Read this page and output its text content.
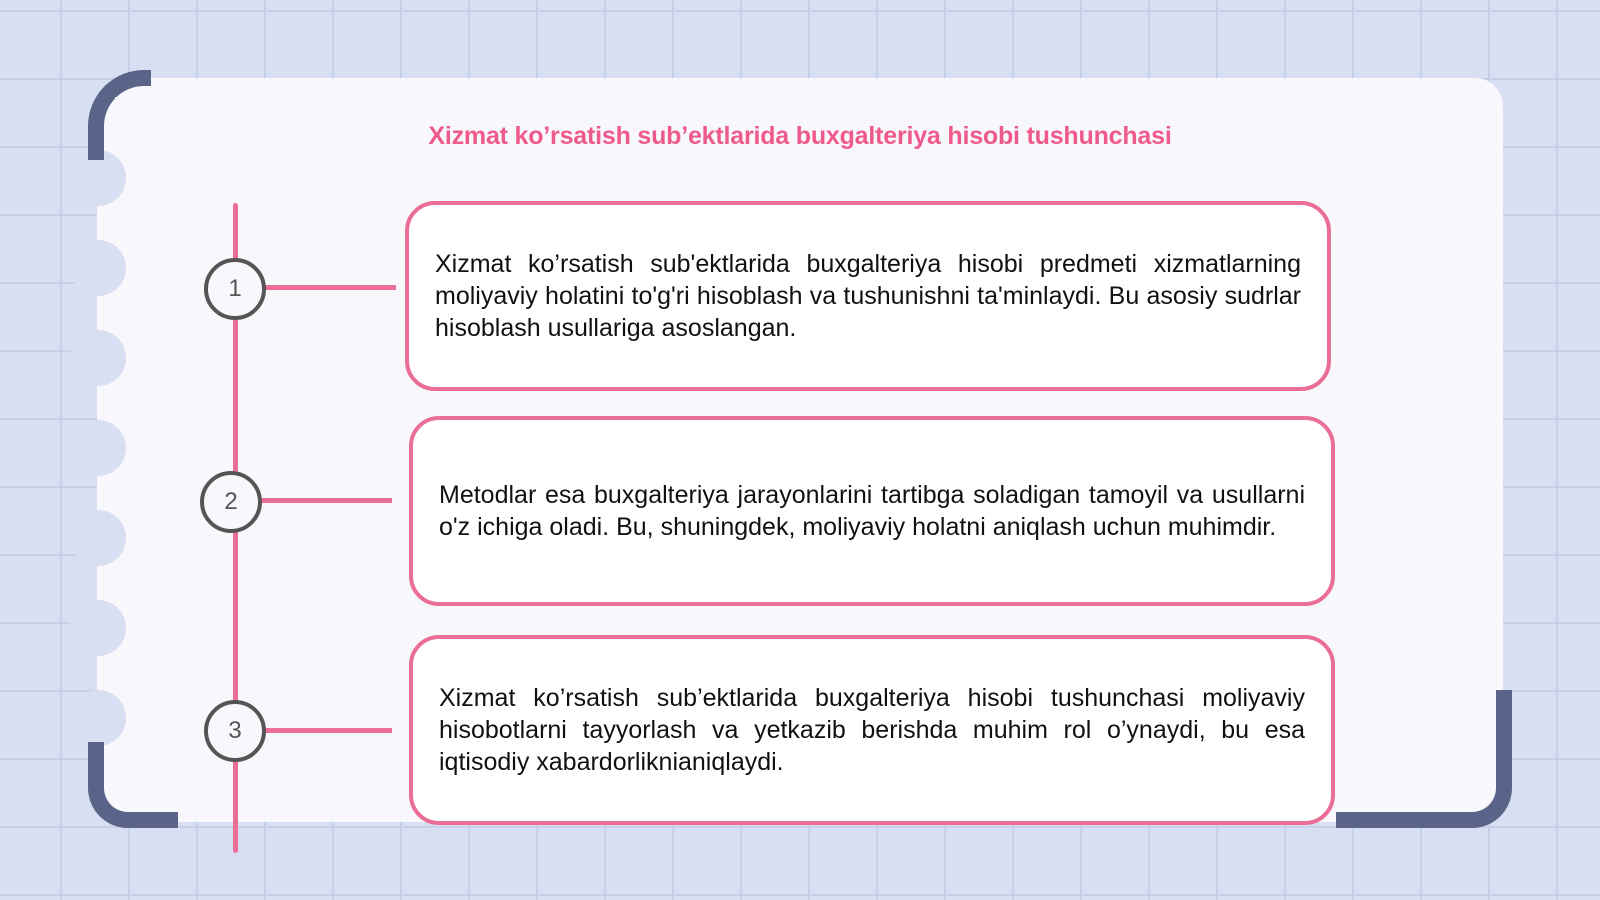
Xizmat ko’rsatish sub’ektlarida buxgalteriya hisobi tushunchasi
1
2
3

Xizmat ko’rsatish sub'ektlarida buxgalteriya hisobi predmeti xizmatlarning moliyaviy holatini to'g'ri hisoblash va tushunishni ta'minlaydi. Bu asosiy sudrlar hisoblash usullariga asoslangan.

Metodlar esa buxgalteriya jarayonlarini tartibga soladigan tamoyil va usullarni o'z ichiga oladi. Bu, shuningdek, moliyaviy holatni aniqlash uchun muhimdir.

Xizmat ko’rsatish sub’ektlarida buxgalteriya hisobi tushunchasi moliyaviy hisobotlarni tayyorlash va yetkazib berishda muhim rol o’ynaydi, bu esa iqtisodiy xabardorliknianiqlaydi.
